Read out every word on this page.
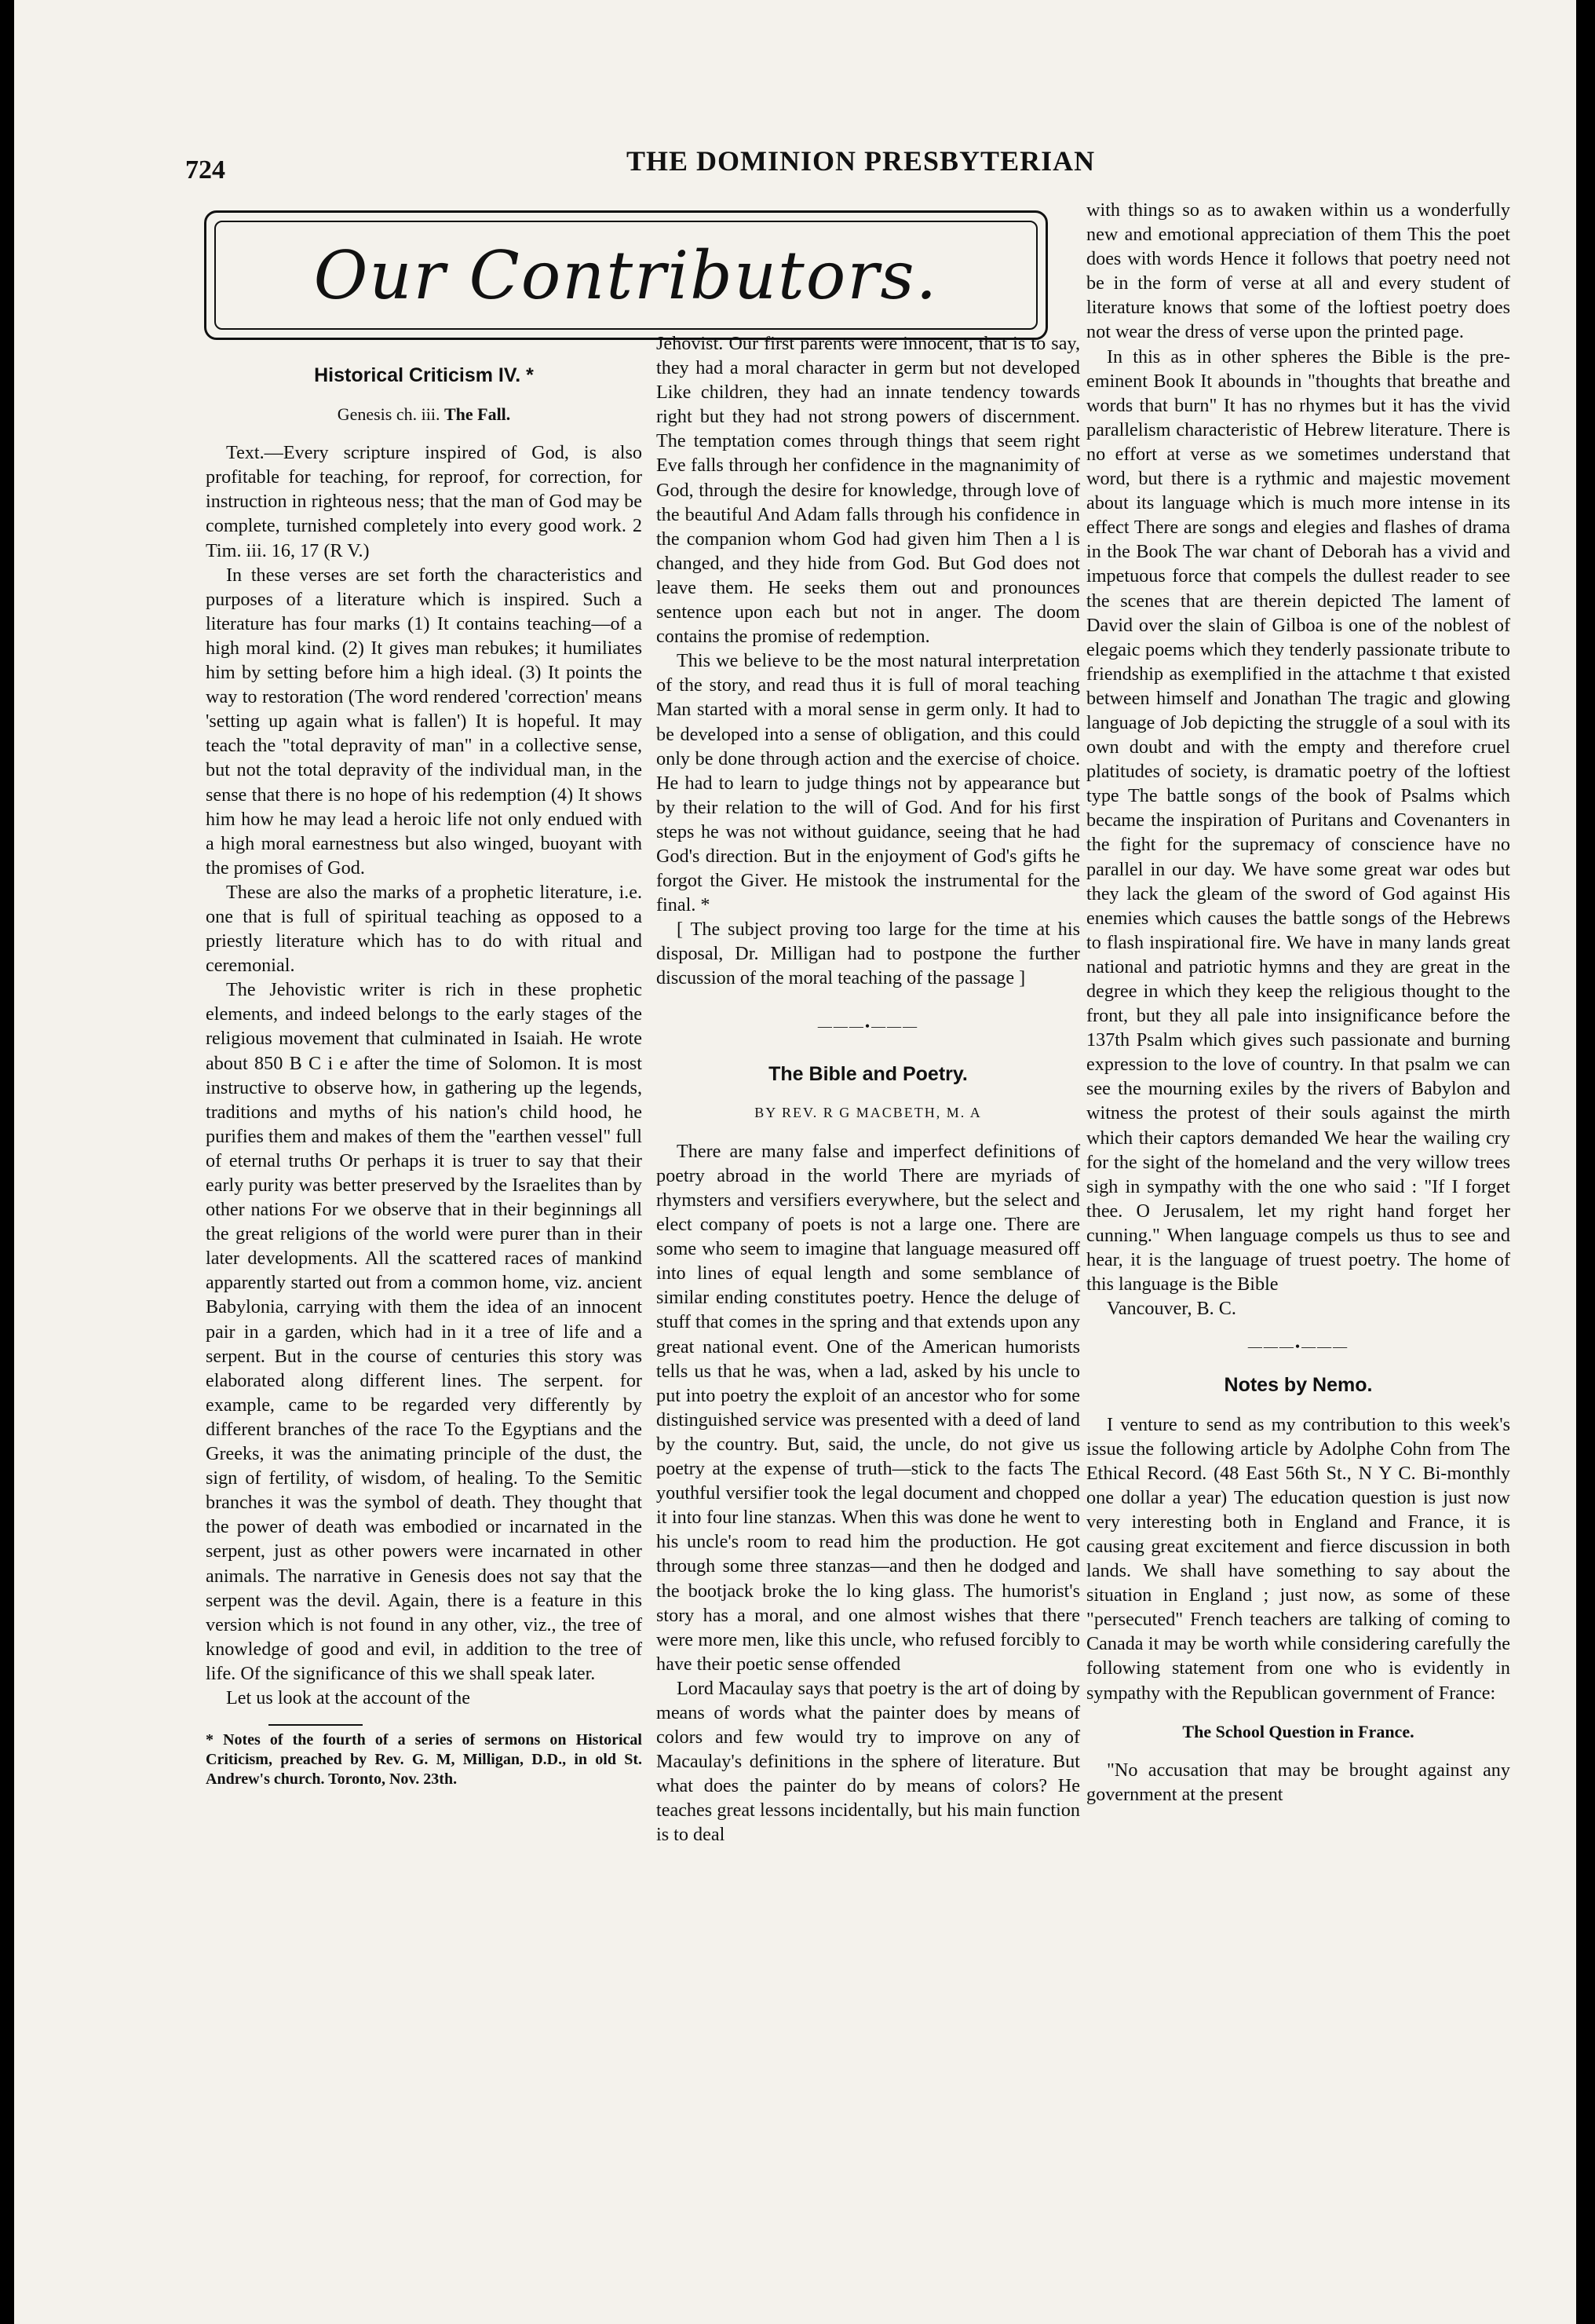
724	THE DOMINION PRESBYTERIAN
Our Contributors.
Historical Criticism IV. *
Genesis ch. iii. The Fall.

Text.—Every scripture inspired of God, is also profitable for teaching, for reproof, for correction, for instruction in righteous ness; that the man of God may be complete, turnished completely into every good work. 2 Tim. iii. 16, 17 (R V.)

In these verses are set forth the characteristics and purposes of a literature which is inspired. Such a literature has four marks (1) It contains teaching—of a high moral kind. (2) It gives man rebukes; it humiliates him by setting before him a high ideal. (3) It points the way to restoration (The word rendered 'correction' means 'setting up again what is fallen') It is hopeful. It may teach the "total depravity of man" in a collective sense, but not the total depravity of the individual man, in the sense that there is no hope of his redemption (4) It shows him how he may lead a heroic life not only endued with a high moral earnestness but also winged, buoyant with the promises of God.

These are also the marks of a prophetic literature, i.e. one that is full of spiritual teaching as opposed to a priestly literature which has to do with ritual and ceremonial.

The Jehovistic writer is rich in these prophetic elements, and indeed belongs to the early stages of the religious movement that culminated in Isaiah. He wrote about 850 B C i e after the time of Solomon. It is most instructive to observe how, in gathering up the legends, traditions and myths of his nation's child hood, he purifies them and makes of them the "earthen vessel" full of eternal truths Or perhaps it is truer to say that their early purity was better preserved by the Israelites than by other nations For we observe that in their beginnings all the great religions of the world were purer than in their later developments. All the scattered races of mankind apparently started out from a common home, viz. ancient Babylonia, carrying with them the idea of an innocent pair in a garden, which had in it a tree of life and a serpent. But in the course of centuries this story was elaborated along different lines. The serpent. for example, came to be regarded very differently by different branches of the race To the Egyptians and the Greeks, it was the animating principle of the dust, the sign of fertility, of wisdom, of healing. To the Semitic branches it was the symbol of death. They thought that the power of death was embodied or incarnated in the serpent, just as other powers were incarnated in other animals. The narrative in Genesis does not say that the serpent was the devil. Again, there is a feature in this version which is not found in any other, viz., the tree of knowledge of good and evil, in addition to the tree of life. Of the significance of this we shall speak later.

Let us look at the account of the

* Notes of the fourth of a series of sermons on Historical Criticism, preached by Rev. G. M, Milligan, D.D., in old St. Andrew's church. Toronto, Nov. 23th.

Jehovist. Our first parents were innocent, that is to say, they had a moral character in germ but not developed Like children, they had an innate tendency towards right but they had not strong powers of discernment. The temptation comes through things that seem right Eve falls through her confidence in the magnanimity of God, through the desire for knowledge, through love of the beautiful And Adam falls through his confidence in the companion whom God had given him Then a l is changed, and they hide from God. But God does not leave them. He seeks them out and pronounces sentence upon each but not in anger. The doom contains the promise of redemption.

This we believe to be the most natural interpretation of the story, and read thus it is full of moral teaching Man started with a moral sense in germ only. It had to be developed into a sense of obligation, and this could only be done through action and the exercise of choice. He had to learn to judge things not by appearance but by their relation to the will of God. And for his first steps he was not without guidance, seeing that he had God's direction. But in the enjoyment of God's gifts he forgot the Giver. He mistook the instrumental for the final. *

[ The subject proving too large for the time at his disposal, Dr. Milligan had to postpone the further discussion of the moral teaching of the passage ]

———•———
The Bible and Poetry.
BY REV. R G MACBETH, M. A

There are many false and imperfect definitions of poetry abroad in the world There are myriads of rhymsters and versifiers everywhere, but the select and elect company of poets is not a large one. There are some who seem to imagine that language measured off into lines of equal length and some semblance of similar ending constitutes poetry. Hence the deluge of stuff that comes in the spring and that extends upon any great national event. One of the American humorists tells us that he was, when a lad, asked by his uncle to put into poetry the exploit of an ancestor who for some distinguished service was presented with a deed of land by the country. But, said, the uncle, do not give us poetry at the expense of truth—stick to the facts The youthful versifier took the legal document and chopped it into four line stanzas. When this was done he went to his uncle's room to read him the production. He got through some three stanzas—and then he dodged and the bootjack broke the lo king glass. The humorist's story has a moral, and one almost wishes that there were more men, like this uncle, who refused forcibly to have their poetic sense offended

Lord Macaulay says that poetry is the art of doing by means of words what the painter does by means of colors and few would try to improve on any of Macaulay's definitions in the sphere of literature. But what does the painter do by means of colors? He teaches great lessons incidentally, but his main function is to deal

with things so as to awaken within us a wonderfully new and emotional appreciation of them This the poet does with words Hence it follows that poetry need not be in the form of verse at all and every student of literature knows that some of the loftiest poetry does not wear the dress of verse upon the printed page.

In this as in other spheres the Bible is the pre-eminent Book It abounds in "thoughts that breathe and words that burn" It has no rhymes but it has the vivid parallelism characteristic of Hebrew literature. There is no effort at verse as we sometimes understand that word, but there is a rythmic and majestic movement about its language which is much more intense in its effect There are songs and elegies and flashes of drama in the Book The war chant of Deborah has a vivid and impetuous force that compels the dullest reader to see the scenes that are therein depicted The lament of David over the slain of Gilboa is one of the noblest of elegaic poems which they tenderly passionate tribute to friendship as exemplified in the attachme t that existed between himself and Jonathan The tragic and glowing language of Job depicting the struggle of a soul with its own doubt and with the empty and therefore cruel platitudes of society, is dramatic poetry of the loftiest type The battle songs of the book of Psalms which became the inspiration of Puritans and Covenanters in the fight for the supremacy of conscience have no parallel in our day. We have some great war odes but they lack the gleam of the sword of God against His enemies which causes the battle songs of the Hebrews to flash inspirational fire. We have in many lands great national and patriotic hymns and they are great in the degree in which they keep the religious thought to the front, but they all pale into insignificance before the 137th Psalm which gives such passionate and burning expression to the love of country. In that psalm we can see the mourning exiles by the rivers of Babylon and witness the protest of their souls against the mirth which their captors demanded We hear the wailing cry for the sight of the homeland and the very willow trees sigh in sympathy with the one who said : "If I forget thee. O Jerusalem, let my right hand forget her cunning." When language compels us thus to see and hear, it is the language of truest poetry. The home of this language is the Bible

Vancouver, B. C.
———•———
Notes by Nemo.

I venture to send as my contribution to this week's issue the following article by Adolphe Cohn from The Ethical Record. (48 East 56th St., N Y C. Bi-monthly one dollar a year) The education question is just now very interesting both in England and France, it is causing great excitement and fierce discussion in both lands. We shall have something to say about the situation in England ; just now, as some of these "persecuted" French teachers are talking of coming to Canada it may be worth while considering carefully the following statement from one who is evidently in sympathy with the Republican government of France:

The School Question in France.

"No accusation that may be brought against any government at the present
